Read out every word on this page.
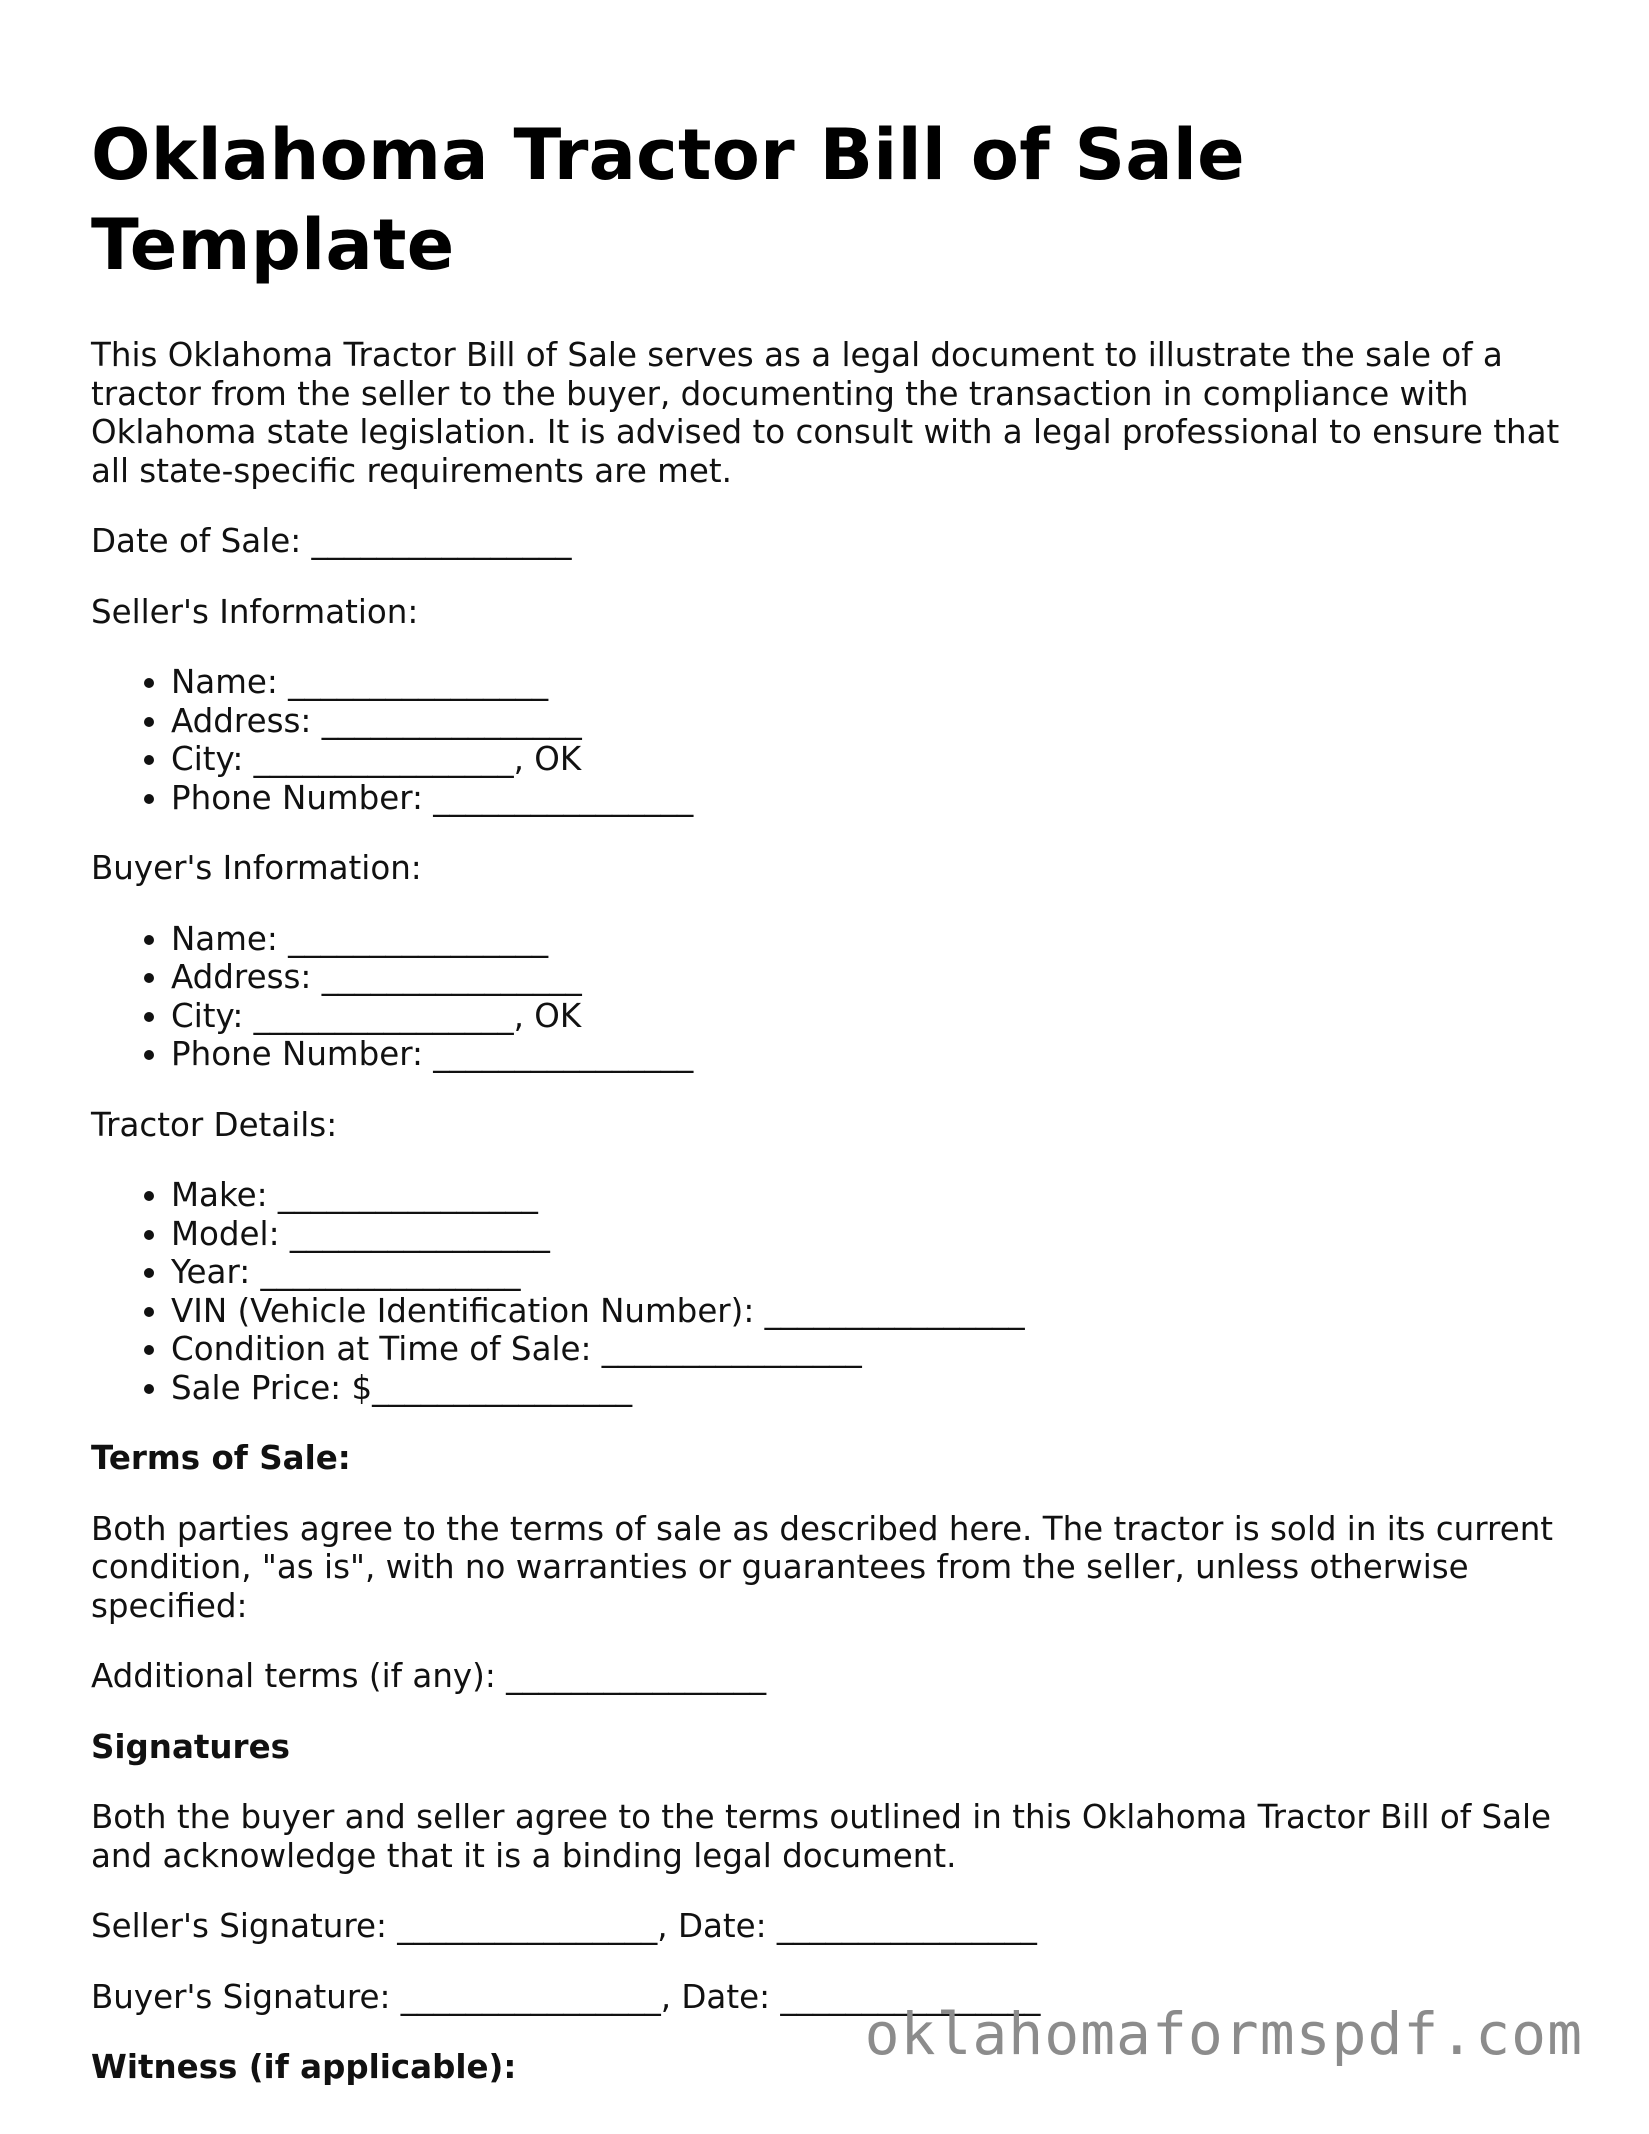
Oklahoma Tractor Bill of Sale Template

This Oklahoma Tractor Bill of Sale serves as a legal document to illustrate the sale of a tractor from the seller to the buyer, documenting the transaction in compliance with Oklahoma state legislation. It is advised to consult with a legal professional to ensure that all state-specific requirements are met.

Date of Sale: ________________

Seller's Information:

• Name: ________________
• Address: ________________
• City: ________________, OK
• Phone Number: ________________

Buyer's Information:

• Name: ________________
• Address: ________________
• City: ________________, OK
• Phone Number: ________________

Tractor Details:

• Make: ________________
• Model: ________________
• Year: ________________
• VIN (Vehicle Identification Number): ________________
• Condition at Time of Sale: ________________
• Sale Price: $________________

Terms of Sale:

Both parties agree to the terms of sale as described here. The tractor is sold in its current condition, "as is", with no warranties or guarantees from the seller, unless otherwise specified:

Additional terms (if any): ________________

Signatures

Both the buyer and seller agree to the terms outlined in this Oklahoma Tractor Bill of Sale and acknowledge that it is a binding legal document.

Seller's Signature: ________________, Date: ________________

Buyer's Signature: ________________, Date: ________________

Witness (if applicable):	oklahomaformspdf.com
